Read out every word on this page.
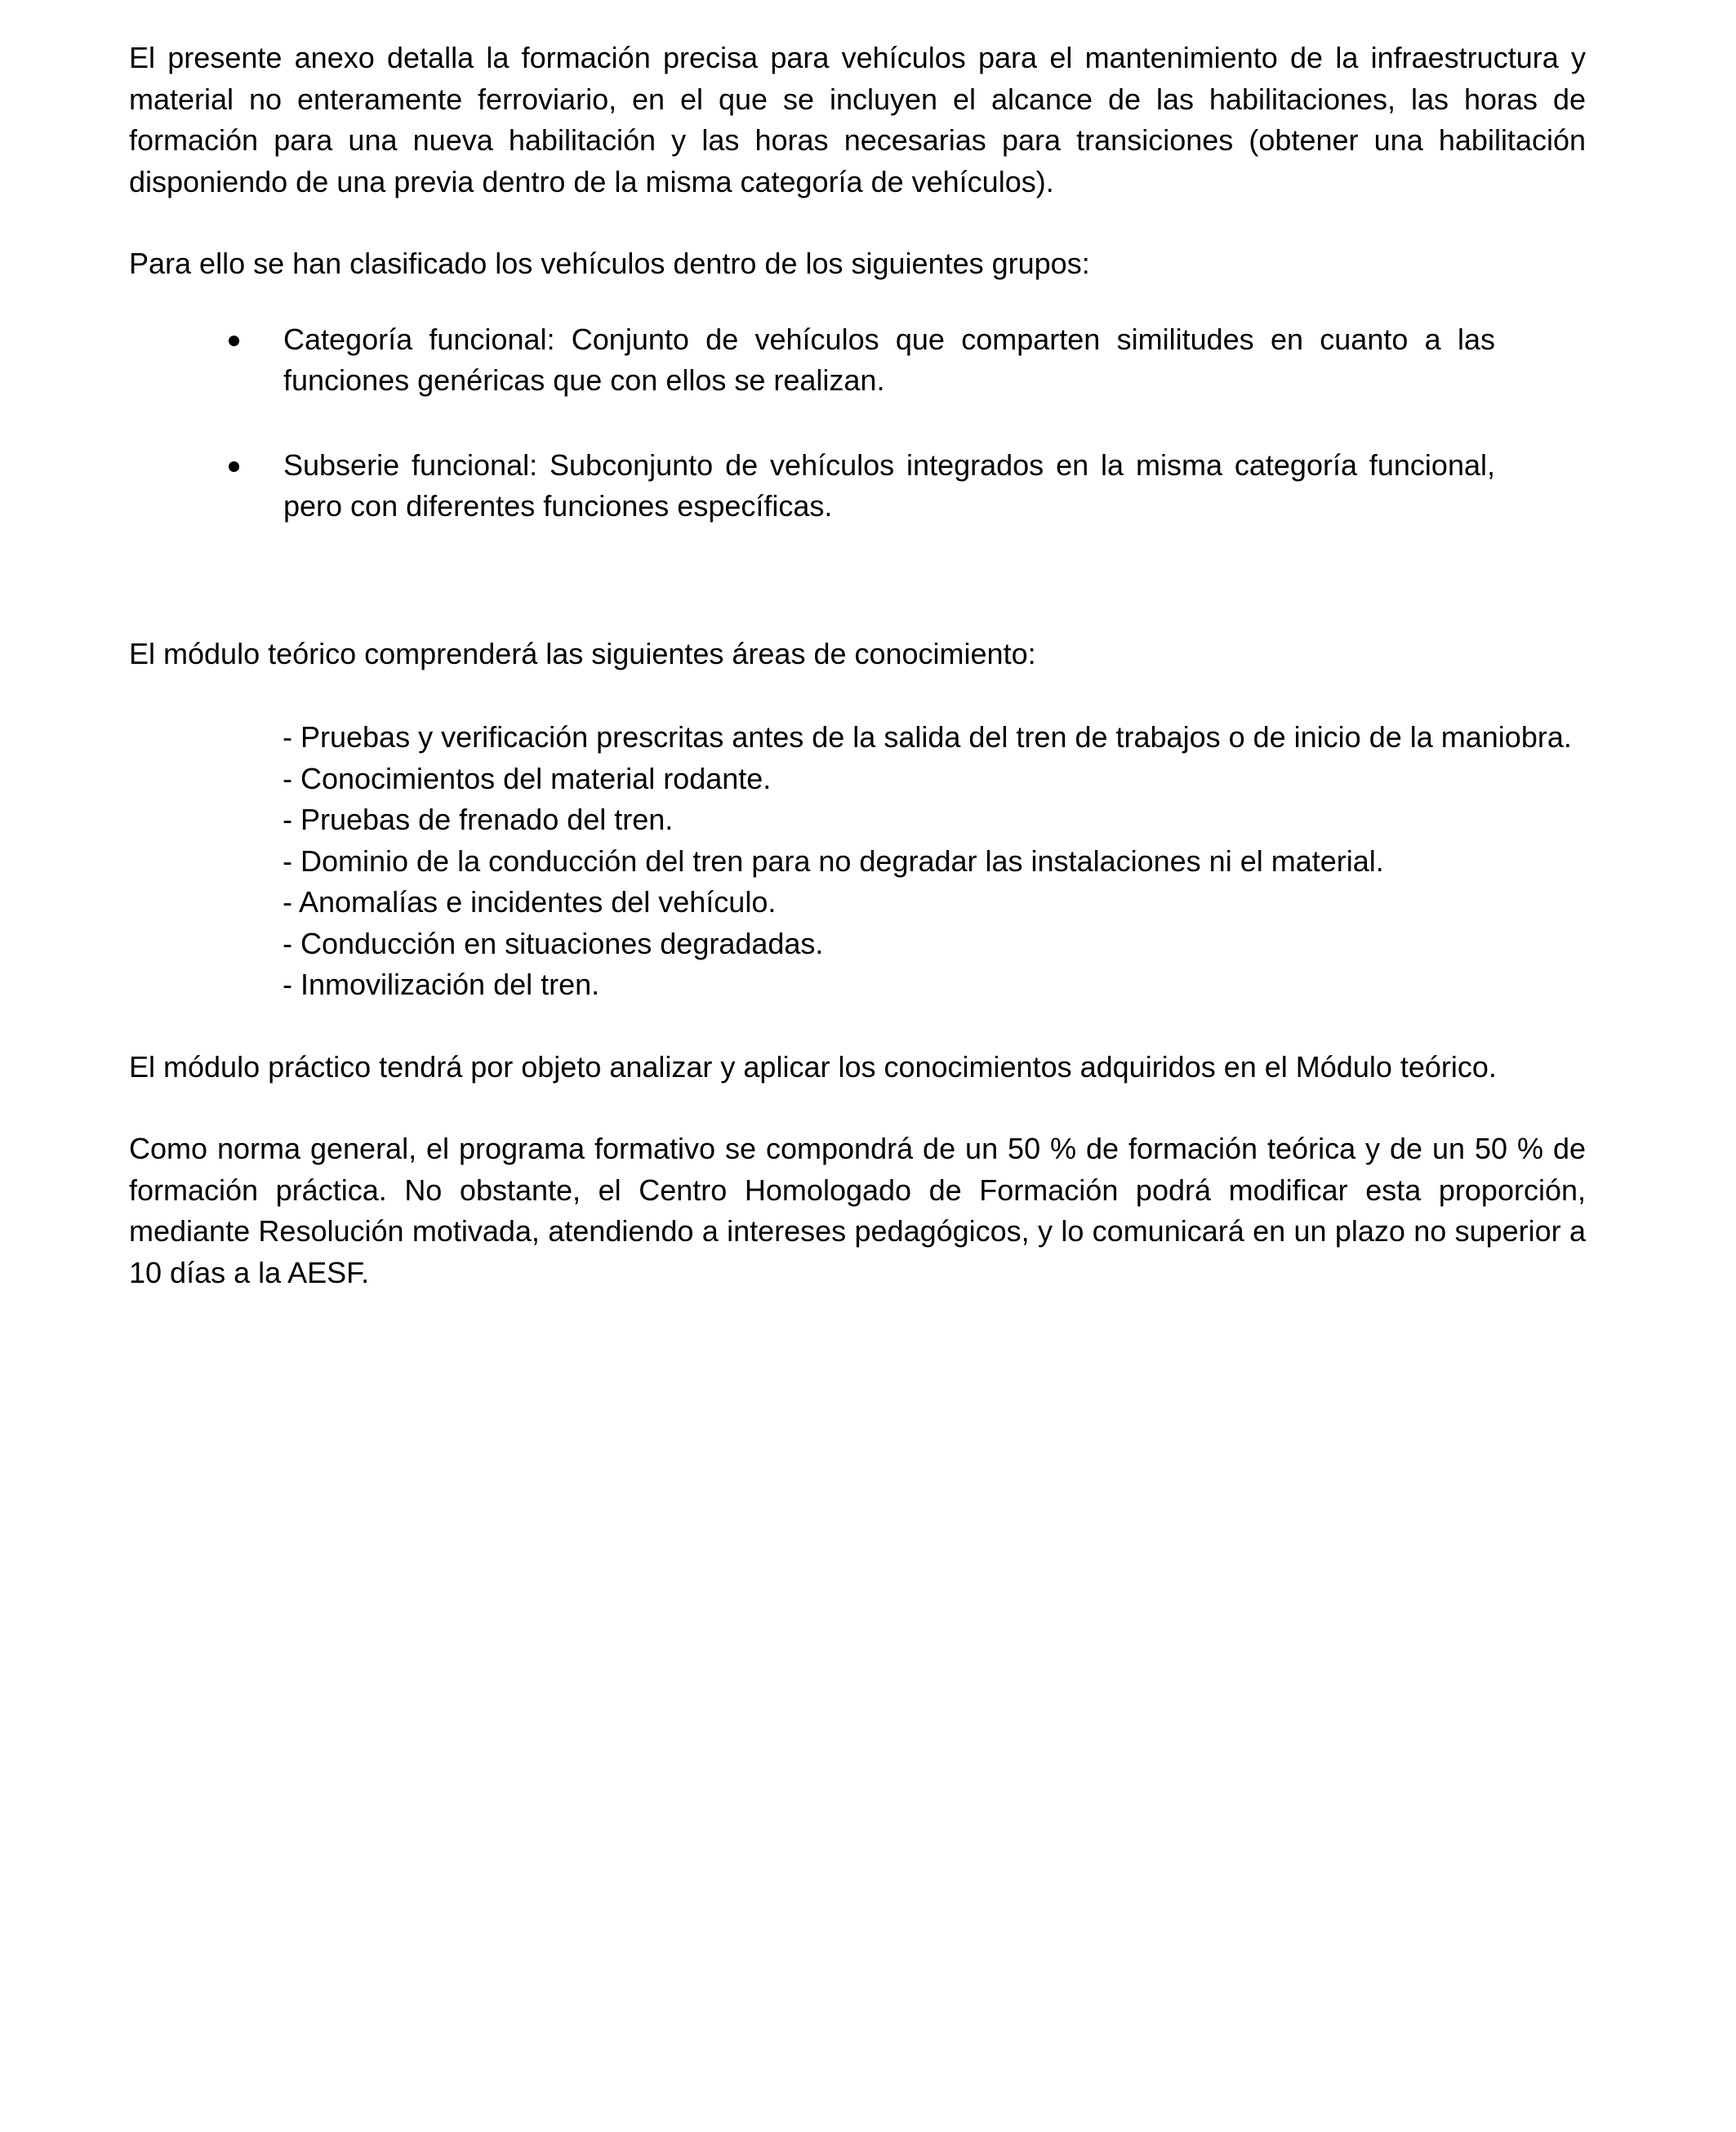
El presente anexo detalla la formación precisa para vehículos para el mantenimiento de la infraestructura y material no enteramente ferroviario, en el que se incluyen el alcance de las habilitaciones, las horas de formación para una nueva habilitación y las horas necesarias para transiciones (obtener una habilitación disponiendo de una previa dentro de la misma categoría de vehículos).

Para ello se han clasificado los vehículos dentro de los siguientes grupos:

Categoría funcional: Conjunto de vehículos que comparten similitudes en cuanto a las funciones genéricas que con ellos se realizan.
Subserie funcional: Subconjunto de vehículos integrados en la misma categoría funcional, pero con diferentes funciones específicas.

El módulo teórico comprenderá las siguientes áreas de conocimiento:

- Pruebas y verificación prescritas antes de la salida del tren de trabajos o de inicio de la maniobra.
- Conocimientos del material rodante.
- Pruebas de frenado del tren.
- Dominio de la conducción del tren para no degradar las instalaciones ni el material.
- Anomalías e incidentes del vehículo.
- Conducción en situaciones degradadas.
- Inmovilización del tren.

El módulo práctico tendrá por objeto analizar y aplicar los conocimientos adquiridos en el Módulo teórico.

Como norma general, el programa formativo se compondrá de un 50 % de formación teórica y de un 50 % de formación práctica. No obstante, el Centro Homologado de Formación podrá modificar esta proporción, mediante Resolución motivada, atendiendo a intereses pedagógicos, y lo comunicará en un plazo no superior a 10 días a la AESF.
